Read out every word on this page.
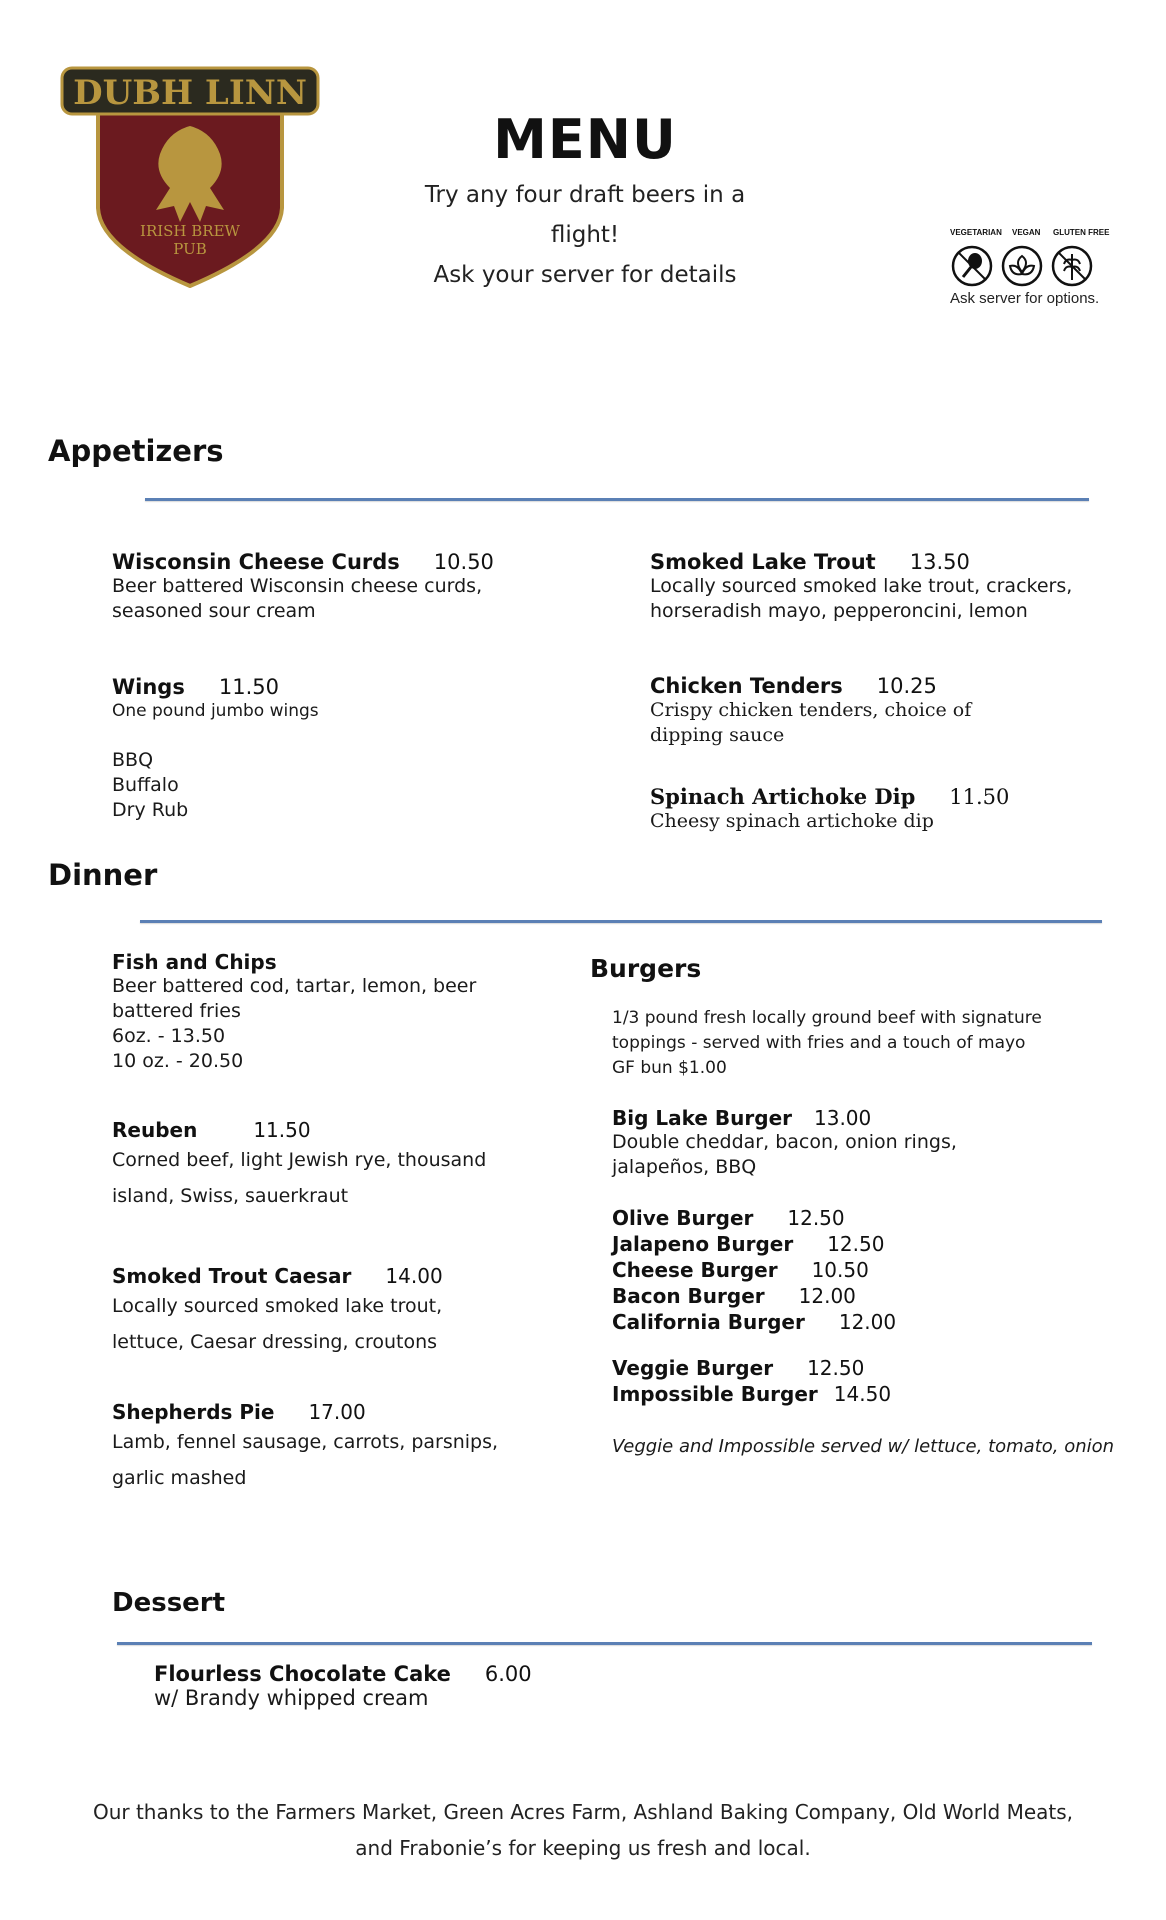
DUBH LINN
IRISH BREW
PUB
MENU
Try any four draft beers in a
flight!
Ask your server for details
VEGETARIAN VEGAN GLUTEN FREE
Ask server for options.
Appetizers
Wisconsin Cheese Curds 10.50
Beer battered Wisconsin cheese curds,
seasoned sour cream
Wings 11.50
One pound jumbo wings
BBQ
Buffalo
Dry Rub
Smoked Lake Trout 13.50
Locally sourced smoked lake trout, crackers,
horseradish mayo, pepperoncini, lemon
Chicken Tenders 10.25
Crispy chicken tenders, choice of
dipping sauce
Spinach Artichoke Dip 11.50
Cheesy spinach artichoke dip
Dinner
Fish and Chips
Beer battered cod, tartar, lemon, beer
battered fries
6oz. - 13.50
10 oz. - 20.50
Reuben	11.50
Corned beef, light Jewish rye, thousand
island, Swiss, sauerkraut
Smoked Trout Caesar 14.00
Locally sourced smoked lake trout,
lettuce, Caesar dressing, croutons
Shepherds Pie 17.00
Lamb, fennel sausage, carrots, parsnips,
garlic mashed
Burgers
1/3 pound fresh locally ground beef with signature
toppings - served with fries and a touch of mayo
GF bun $1.00
Big Lake Burger 13.00
Double cheddar, bacon, onion rings,
jalapeños, BBQ
Olive Burger 12.50
Jalapeno Burger 12.50
Cheese Burger 10.50
Bacon Burger 12.00
California Burger 12.00
Veggie Burger 12.50
Impossible Burger 14.50
Veggie and Impossible served w/ lettuce, tomato, onion
Dessert
Flourless Chocolate Cake 6.00
w/ Brandy whipped cream
Our thanks to the Farmers Market, Green Acres Farm, Ashland Baking Company, Old World Meats,
and Frabonie’s for keeping us fresh and local.
